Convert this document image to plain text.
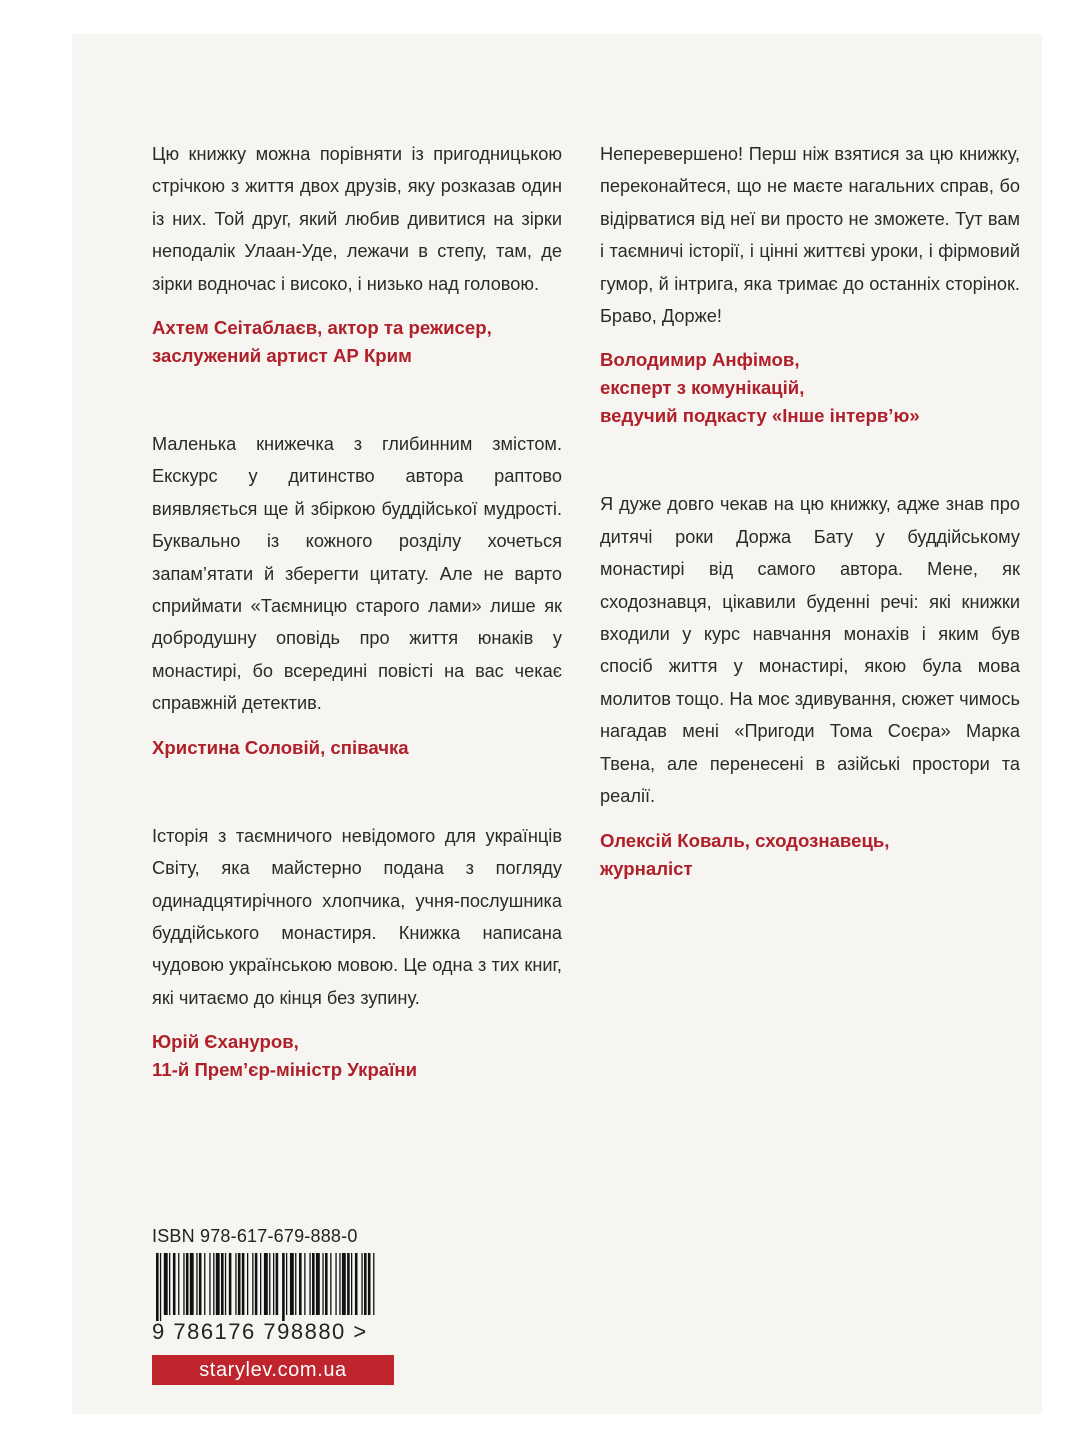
Цю книжку можна порівняти із пригодницькою стрічкою з життя двох друзів, яку розказав один із них. Той друг, який любив дивитися на зірки неподалік Улаан-Уде, лежачи в степу, там, де зірки водночас і високо, і низько над головою.

Ахтем Сеітаблаєв, актор та режисер,
заслужений артист АР Крим

Маленька книжечка з глибинним змістом. Екскурс у дитинство автора раптово виявляється ще й збіркою буддійської мудрості. Буквально із кожного розділу хочеться запам’ятати й зберегти цитату. Але не варто сприймати «Таємницю старого лами» лише як добродушну оповідь про життя юнаків у монастирі, бо всередині повісті на вас чекає справжній детектив.

Христина Соловій, співачка

Історія з таємничого невідомого для українців Світу, яка майстерно подана з погляду одинадцятирічного хлопчика, учня-послушника буддійського монастиря. Книжка написана чудовою українською мовою. Це одна з тих книг, які читаємо до кінця без зупину.

Юрій Єхануров,
11-й Прем’єр-міністр України

Неперевершено! Перш ніж взятися за цю книжку, переконайтеся, що не маєте нагальних справ, бо відірватися від неї ви просто не зможете. Тут вам і таємничі історії, і цінні життєві уроки, і фірмовий гумор, й інтрига, яка тримає до останніх сторінок. Браво, Дорже!

Володимир Анфімов,
експерт з комунікацій,
ведучий подкасту «Інше інтерв’ю»

Я дуже довго чекав на цю книжку, адже знав про дитячі роки Доржа Бату у буддійському монастирі від самого автора. Мене, як сходознавця, цікавили буденні речі: які книжки входили у курс навчання монахів і яким був спосіб життя у монастирі, якою була мова молитов тощо. На моє здивування, сюжет чимось нагадав мені «Пригоди Тома Соєра» Марка Твена, але перенесені в азійські простори та реалії.

Олексій Коваль, сходознавець,
журналіст

ISBN 978-617-679-888-0
9 786176 798880 >
starylev.com.ua
